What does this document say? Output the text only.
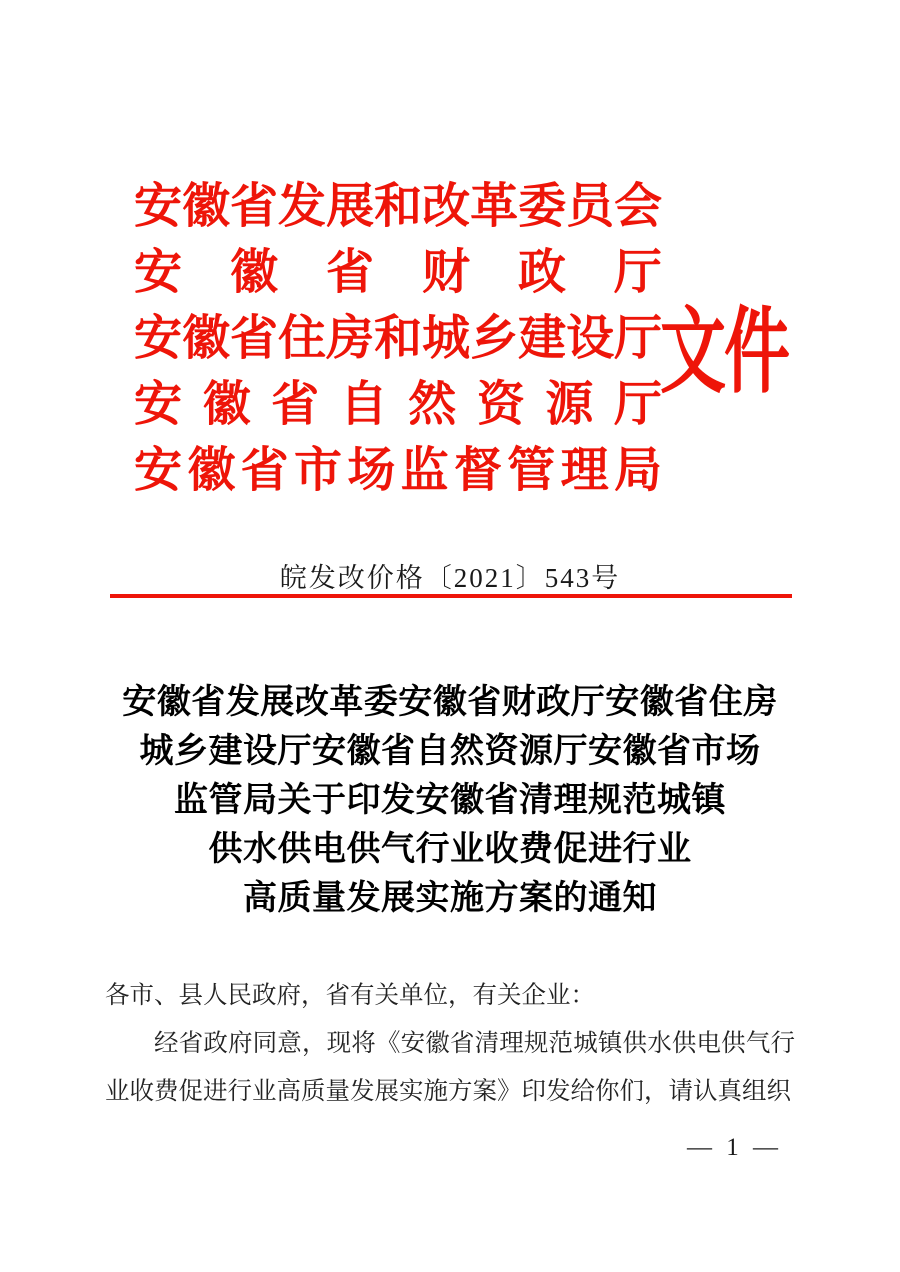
安 徽 省 发 展 和 改 革 委 员 会
安 徽 省 财 政 厅
安 徽 省 住 房 和 城 乡 建 设 厅
安 徽 省 自 然 资 源 厅
安 徽 省 市 场 监 督 管 理 局
文件
皖发改价格〔2021〕543号
安徽省发展改革委安徽省财政厅安徽省住房
城乡建设厅安徽省自然资源厅安徽省市场
监管局关于印发安徽省清理规范城镇
供水供电供气行业收费促进行业
高质量发展实施方案的通知

各市、县人民政府，省有关单位，有关企业：

经省政府同意，现将《安徽省清理规范城镇供水供电供气行业收费促进行业高质量发展实施方案》印发给你们，请认真组织

— 1 —
